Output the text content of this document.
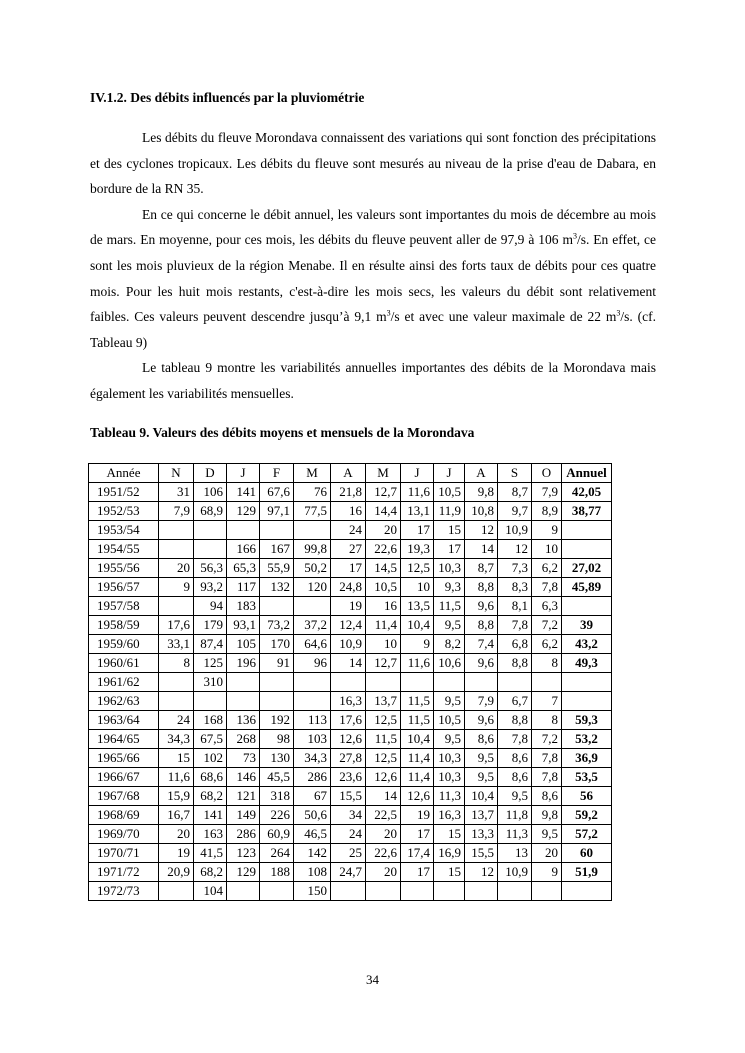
IV.1.2. Des débits influencés par la pluviométrie

Les débits du fleuve Morondava connaissent des variations qui sont fonction des précipitations et des cyclones tropicaux. Les débits du fleuve sont mesurés au niveau de la prise d'eau de Dabara, en bordure de la RN 35.

En ce qui concerne le débit annuel, les valeurs sont importantes du mois de décembre au mois de mars. En moyenne, pour ces mois, les débits du fleuve peuvent aller de 97,9 à 106 $m^3/s$. En effet, ce sont les mois pluvieux de la région Menabe. Il en résulte ainsi des forts taux de débits pour ces quatre mois. Pour les huit mois restants, c'est-à-dire les mois secs, les valeurs du débit sont relativement faibles. Ces valeurs peuvent descendre jusqu’à 9,1 $m^3/s$ et avec une valeur maximale de 22 $m^3/s$. (cf. Tableau 9)

Le tableau 9 montre les variabilités annuelles importantes des débits de la Morondava mais également les variabilités mensuelles.

Tableau 9. Valeurs des débits moyens et mensuels de la Morondava
Année	N	D	J	F	M	A	M	J	J	A	S	O	Annuel
1951/52	31	106	141	67,6	76	21,8	12,7	11,6	10,5	9,8	8,7	7,9	42,05
1952/53	7,9	68,9	129	97,1	77,5	16	14,4	13,1	11,9	10,8	9,7	8,9	38,77
1953/54						24	20	17	15	12	10,9	9	
1954/55			166	167	99,8	27	22,6	19,3	17	14	12	10	
1955/56	20	56,3	65,3	55,9	50,2	17	14,5	12,5	10,3	8,7	7,3	6,2	27,02
1956/57	9	93,2	117	132	120	24,8	10,5	10	9,3	8,8	8,3	7,8	45,89
1957/58		94	183			19	16	13,5	11,5	9,6	8,1	6,3	
1958/59	17,6	179	93,1	73,2	37,2	12,4	11,4	10,4	9,5	8,8	7,8	7,2	39
1959/60	33,1	87,4	105	170	64,6	10,9	10	9	8,2	7,4	6,8	6,2	43,2
1960/61	8	125	196	91	96	14	12,7	11,6	10,6	9,6	8,8	8	49,3
1961/62		310											
1962/63						16,3	13,7	11,5	9,5	7,9	6,7	7	
1963/64	24	168	136	192	113	17,6	12,5	11,5	10,5	9,6	8,8	8	59,3
1964/65	34,3	67,5	268	98	103	12,6	11,5	10,4	9,5	8,6	7,8	7,2	53,2
1965/66	15	102	73	130	34,3	27,8	12,5	11,4	10,3	9,5	8,6	7,8	36,9
1966/67	11,6	68,6	146	45,5	286	23,6	12,6	11,4	10,3	9,5	8,6	7,8	53,5
1967/68	15,9	68,2	121	318	67	15,5	14	12,6	11,3	10,4	9,5	8,6	56
1968/69	16,7	141	149	226	50,6	34	22,5	19	16,3	13,7	11,8	9,8	59,2
1969/70	20	163	286	60,9	46,5	24	20	17	15	13,3	11,3	9,5	57,2
1970/71	19	41,5	123	264	142	25	22,6	17,4	16,9	15,5	13	20	60
1971/72	20,9	68,2	129	188	108	24,7	20	17	15	12	10,9	9	51,9
1972/73		104			150								
34
